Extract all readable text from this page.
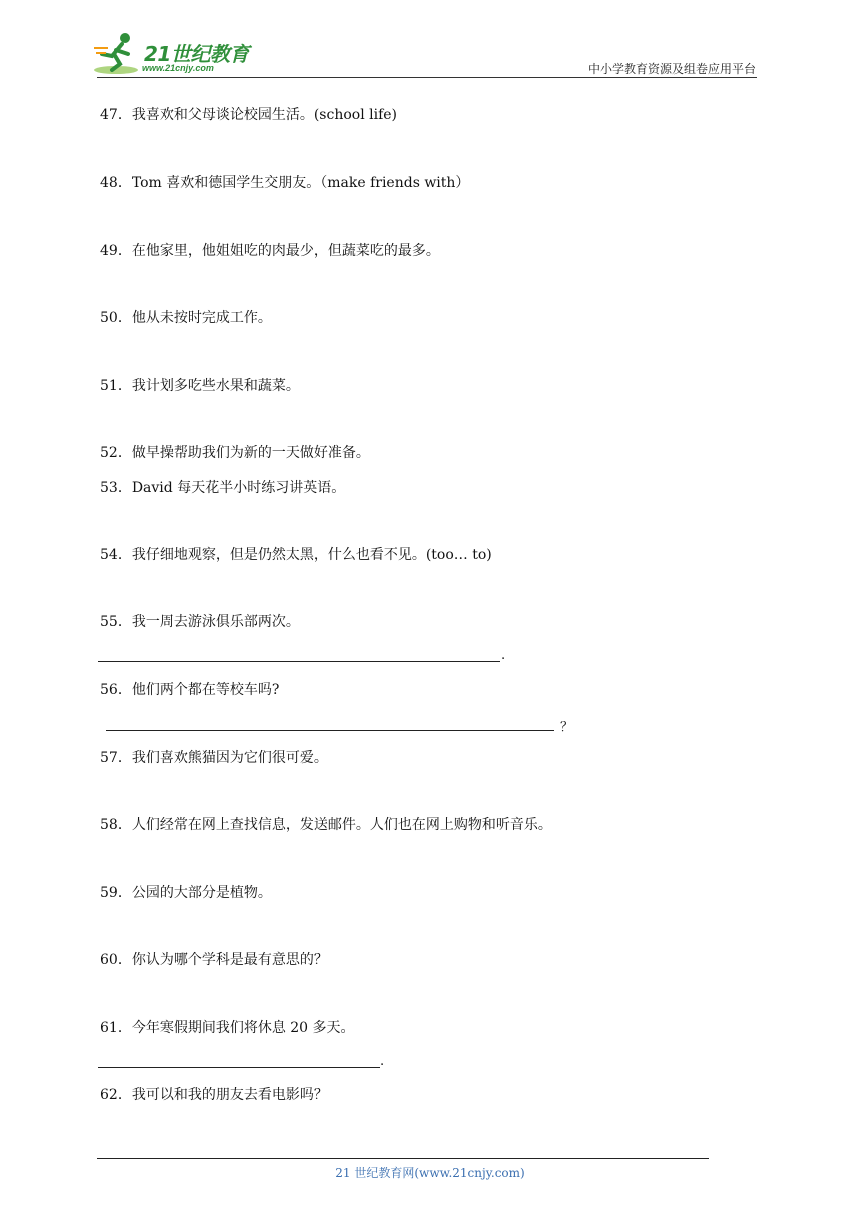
21世纪教育
www.21cnjy.com	中小学教育资源及组卷应用平台
47．我喜欢和父母谈论校园生活。(school life)
48．Tom 喜欢和德国学生交朋友。（make friends with）
49．在他家里，他姐姐吃的肉最少，但蔬菜吃的最多。
50．他从未按时完成工作。
51．我计划多吃些水果和蔬菜。
52．做早操帮助我们为新的一天做好准备。
53．David 每天花半小时练习讲英语。
54．我仔细地观察，但是仍然太黑，什么也看不见。(too… to)
55．我一周去游泳俱乐部两次。
.
56．他们两个都在等校车吗?
？
57．我们喜欢熊猫因为它们很可爱。
58．人们经常在网上查找信息，发送邮件。人们也在网上购物和听音乐。
59．公园的大部分是植物。
60．你认为哪个学科是最有意思的？
61．今年寒假期间我们将休息 20 多天。
.
62．我可以和我的朋友去看电影吗？
21 世纪教育网(www.21cnjy.com)
